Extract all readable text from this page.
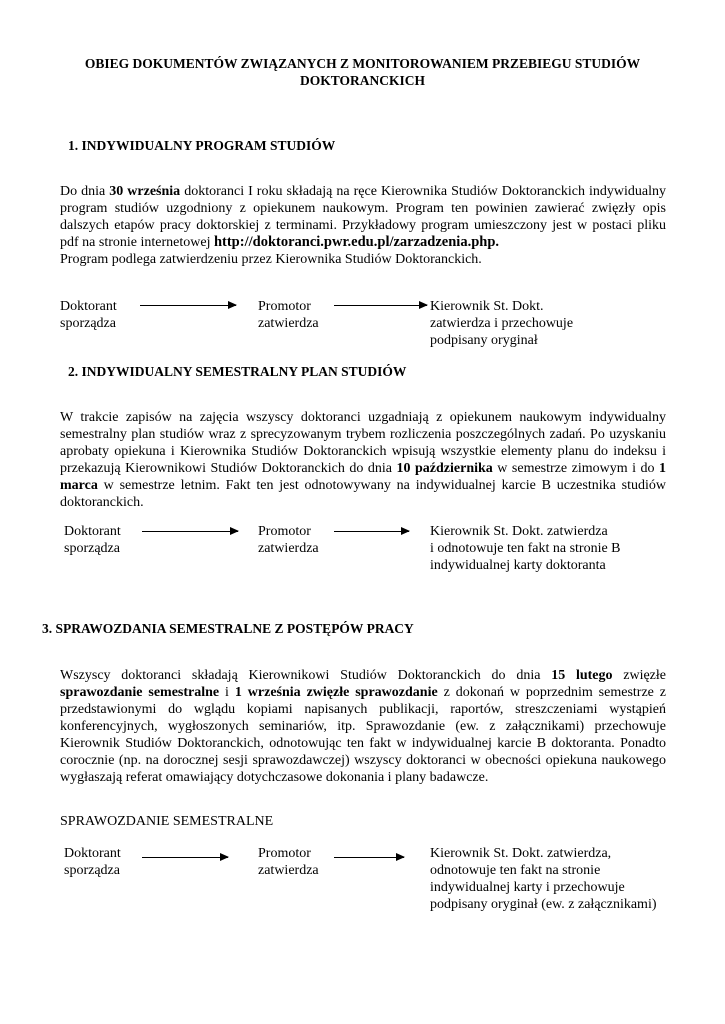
OBIEG DOKUMENTÓW ZWIĄZANYCH Z MONITOROWANIEM PRZEBIEGU STUDIÓW
DOKTORANCKICH
1. INDYWIDUALNY PROGRAM STUDIÓW
Do dnia 30 września doktoranci I roku składają na ręce Kierownika Studiów Doktoranckich indywidualny program studiów uzgodniony z opiekunem naukowym. Program ten powinien zawierać zwięzły opis dalszych etapów pracy doktorskiej z terminami. Przykładowy program umieszczony jest w postaci pliku pdf na stronie internetowej http://doktoranci.pwr.edu.pl/zarzadzenia.php.
Program podlega zatwierdzeniu przez Kierownika Studiów Doktoranckich.
Doktorant
sporządza
Promotor
zatwierdza
Kierownik St. Dokt.
zatwierdza i przechowuje
podpisany oryginał
2. INDYWIDUALNY SEMESTRALNY PLAN STUDIÓW
W trakcie zapisów na zajęcia wszyscy doktoranci uzgadniają z opiekunem naukowym indywidualny semestralny plan studiów wraz z sprecyzowanym trybem rozliczenia poszczególnych zadań. Po uzyskaniu aprobaty opiekuna i Kierownika Studiów Doktoranckich wpisują wszystkie elementy planu do indeksu i przekazują Kierownikowi Studiów Doktoranckich do dnia 10 października w semestrze zimowym i do 1 marca w semestrze letnim. Fakt ten jest odnotowywany na indywidualnej karcie B uczestnika studiów doktoranckich.
Doktorant
sporządza
Promotor
zatwierdza
Kierownik St. Dokt. zatwierdza
i odnotowuje ten fakt na stronie B
indywidualnej karty doktoranta
3. SPRAWOZDANIA SEMESTRALNE Z POSTĘPÓW PRACY
Wszyscy doktoranci składają Kierownikowi Studiów Doktoranckich do dnia 15 lutego zwięzłe sprawozdanie semestralne i 1 września zwięzłe sprawozdanie z dokonań w poprzednim semestrze z przedstawionymi do wglądu kopiami napisanych publikacji, raportów, streszczeniami wystąpień konferencyjnych, wygłoszonych seminariów, itp. Sprawozdanie (ew. z załącznikami) przechowuje Kierownik Studiów Doktoranckich, odnotowując ten fakt w indywidualnej karcie B doktoranta. Ponadto corocznie (np. na dorocznej sesji sprawozdawczej) wszyscy doktoranci w obecności opiekuna naukowego wygłaszają referat omawiający dotychczasowe dokonania i plany badawcze.
SPRAWOZDANIE SEMESTRALNE
Doktorant
sporządza
Promotor
zatwierdza
Kierownik St. Dokt. zatwierdza,
odnotowuje ten fakt na stronie
indywidualnej karty i przechowuje
podpisany oryginał (ew. z załącznikami)
